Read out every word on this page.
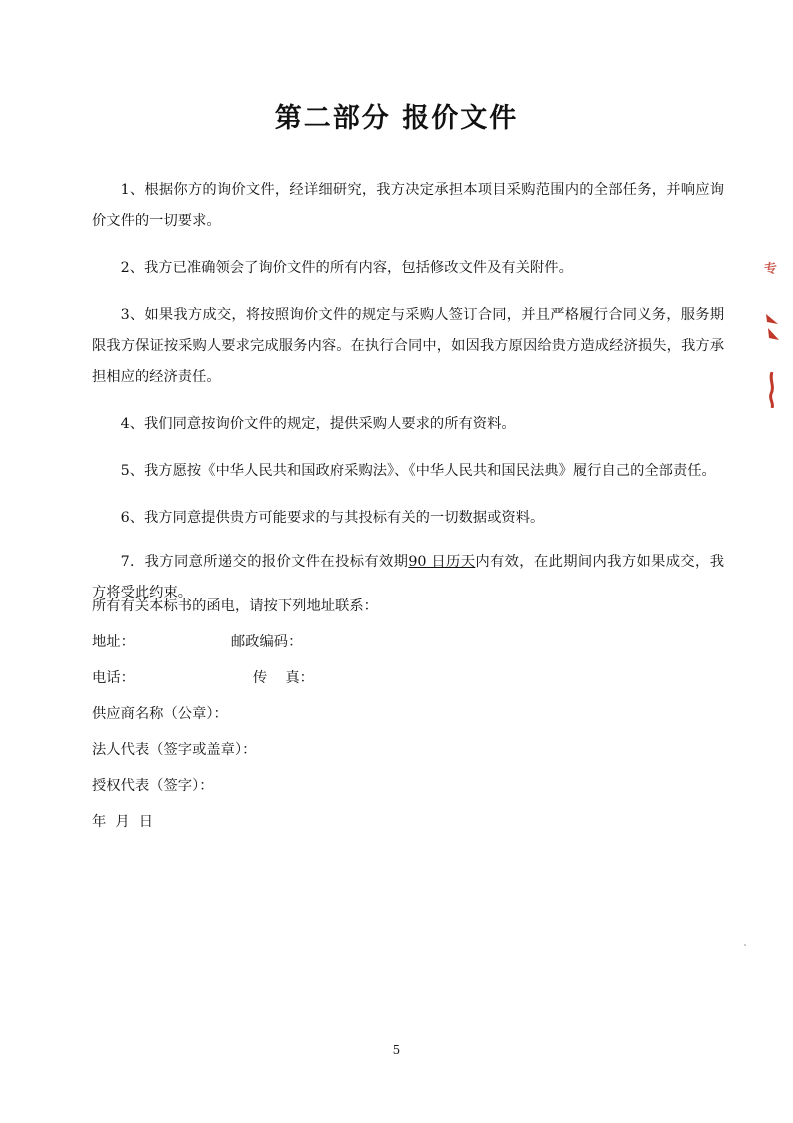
第二部分 报价文件

1、根据你方的询价文件，经详细研究，我方决定承担本项目采购范围内的全部任务，并响应询价文件的一切要求。

2、我方已准确领会了询价文件的所有内容，包括修改文件及有关附件。

3、如果我方成交，将按照询价文件的规定与采购人签订合同，并且严格履行合同义务，服务期限我方保证按采购人要求完成服务内容。在执行合同中，如因我方原因给贵方造成经济损失，我方承担相应的经济责任。

4、我们同意按询价文件的规定，提供采购人要求的所有资料。

5、我方愿按《中华人民共和国政府采购法》、《中华人民共和国民法典》履行自己的全部责任。

6、我方同意提供贵方可能要求的与其投标有关的一切数据或资料。

7．我方同意所递交的报价文件在投标有效期90 日历天内有效，在此期间内我方如果成交，我方将受此约束。

所有有关本标书的函电，请按下列地址联系：

地址：	邮政编码：

电话：	传    真：

供应商名称（公章）：

法人代表（签字或盖章）：

授权代表（签字）：

年  月  日

专
5
